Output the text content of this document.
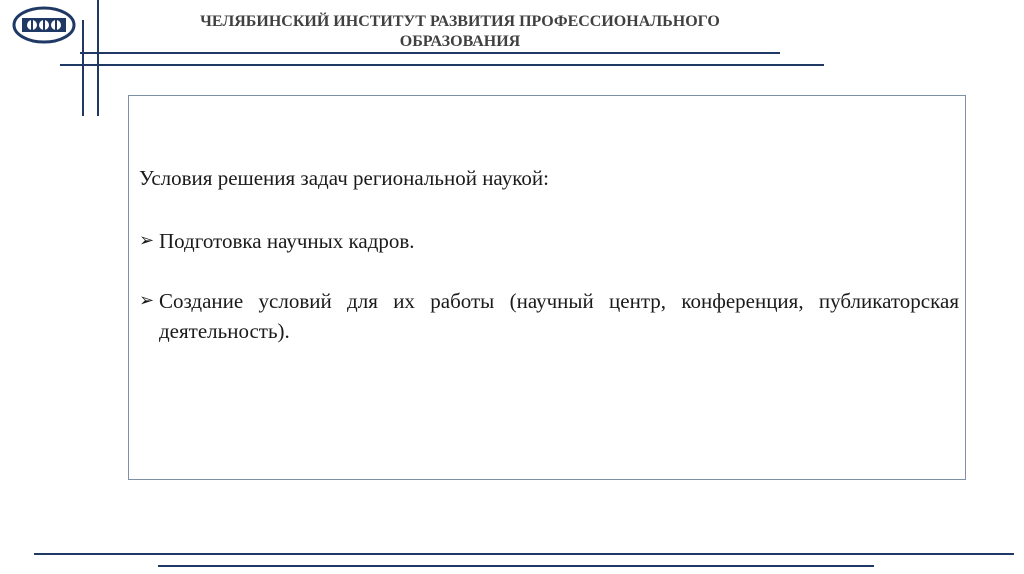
ЧЕЛЯБИНСКИЙ ИНСТИТУТ РАЗВИТИЯ ПРОФЕССИОНАЛЬНОГО
ОБРАЗОВАНИЯ

Условия решения задач региональной наукой:

➢ Подготовка научных кадров.
➢ Создание условий для их работы (научный центр, конференция, публикаторская деятельность).
